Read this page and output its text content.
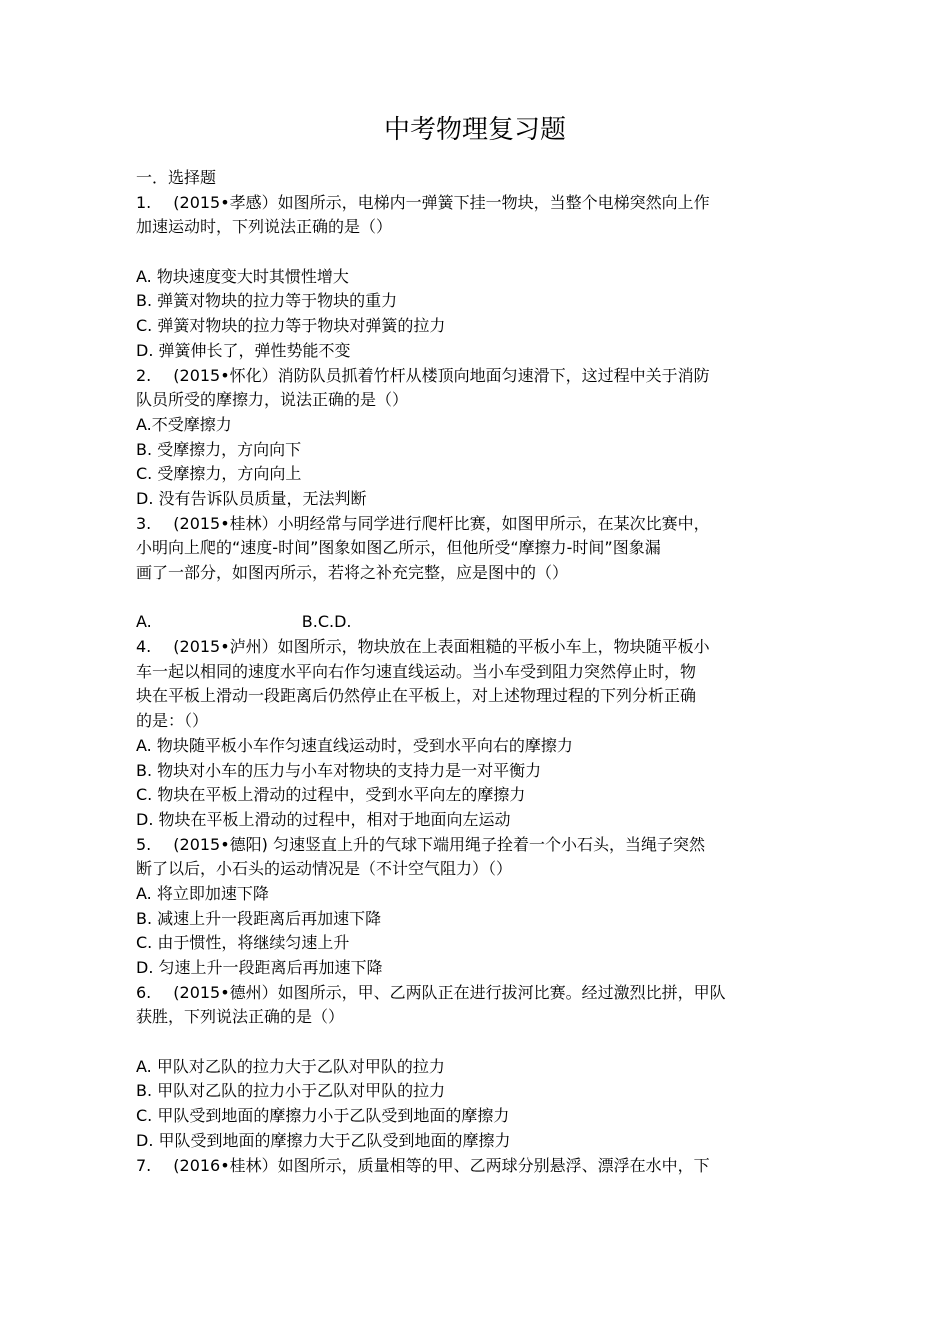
中考物理复习题
一．选择题
1. (2015•孝感）如图所示，电梯内一弹簧下挂一物块，当整个电梯突然向上作
加速运动时，下列说法正确的是（）
A. 物块速度变大时其惯性增大
B. 弹簧对物块的拉力等于物块的重力
C. 弹簧对物块的拉力等于物块对弹簧的拉力
D. 弹簧伸长了，弹性势能不变
2. (2015•怀化）消防队员抓着竹杆从楼顶向地面匀速滑下，这过程中关于消防
队员所受的摩擦力，说法正确的是（）
A.不受摩擦力
B. 受摩擦力，方向向下
C. 受摩擦力，方向向上
D. 没有告诉队员质量，无法判断
3. (2015•桂林）小明经常与同学进行爬杆比赛，如图甲所示，在某次比赛中，
小明向上爬的“速度-时间”图象如图乙所示，但他所受“摩擦力-时间”图象漏
画了一部分，如图丙所示，若将之补充完整，应是图中的（）
A.	B.C.D.
4. (2015•泸州）如图所示，物块放在上表面粗糙的平板小车上，物块随平板小
车一起以相同的速度水平向右作匀速直线运动。当小车受到阻力突然停止时，物
块在平板上滑动一段距离后仍然停止在平板上，对上述物理过程的下列分析正确
的是：（）
A. 物块随平板小车作匀速直线运动时，受到水平向右的摩擦力
B. 物块对小车的压力与小车对物块的支持力是一对平衡力
C. 物块在平板上滑动的过程中，受到水平向左的摩擦力
D. 物块在平板上滑动的过程中，相对于地面向左运动
5. (2015•德阳) 匀速竖直上升的气球下端用绳子拴着一个小石头，当绳子突然
断了以后，小石头的运动情况是（不计空气阻力）（）
A. 将立即加速下降
B. 减速上升一段距离后再加速下降
C. 由于惯性，将继续匀速上升
D. 匀速上升一段距离后再加速下降
6. (2015•德州）如图所示，甲、乙两队正在进行拔河比赛。经过激烈比拼，甲队
获胜，下列说法正确的是（）
A. 甲队对乙队的拉力大于乙队对甲队的拉力
B. 甲队对乙队的拉力小于乙队对甲队的拉力
C. 甲队受到地面的摩擦力小于乙队受到地面的摩擦力
D. 甲队受到地面的摩擦力大于乙队受到地面的摩擦力
7. (2016•桂林）如图所示，质量相等的甲、乙两球分别悬浮、漂浮在水中，下
